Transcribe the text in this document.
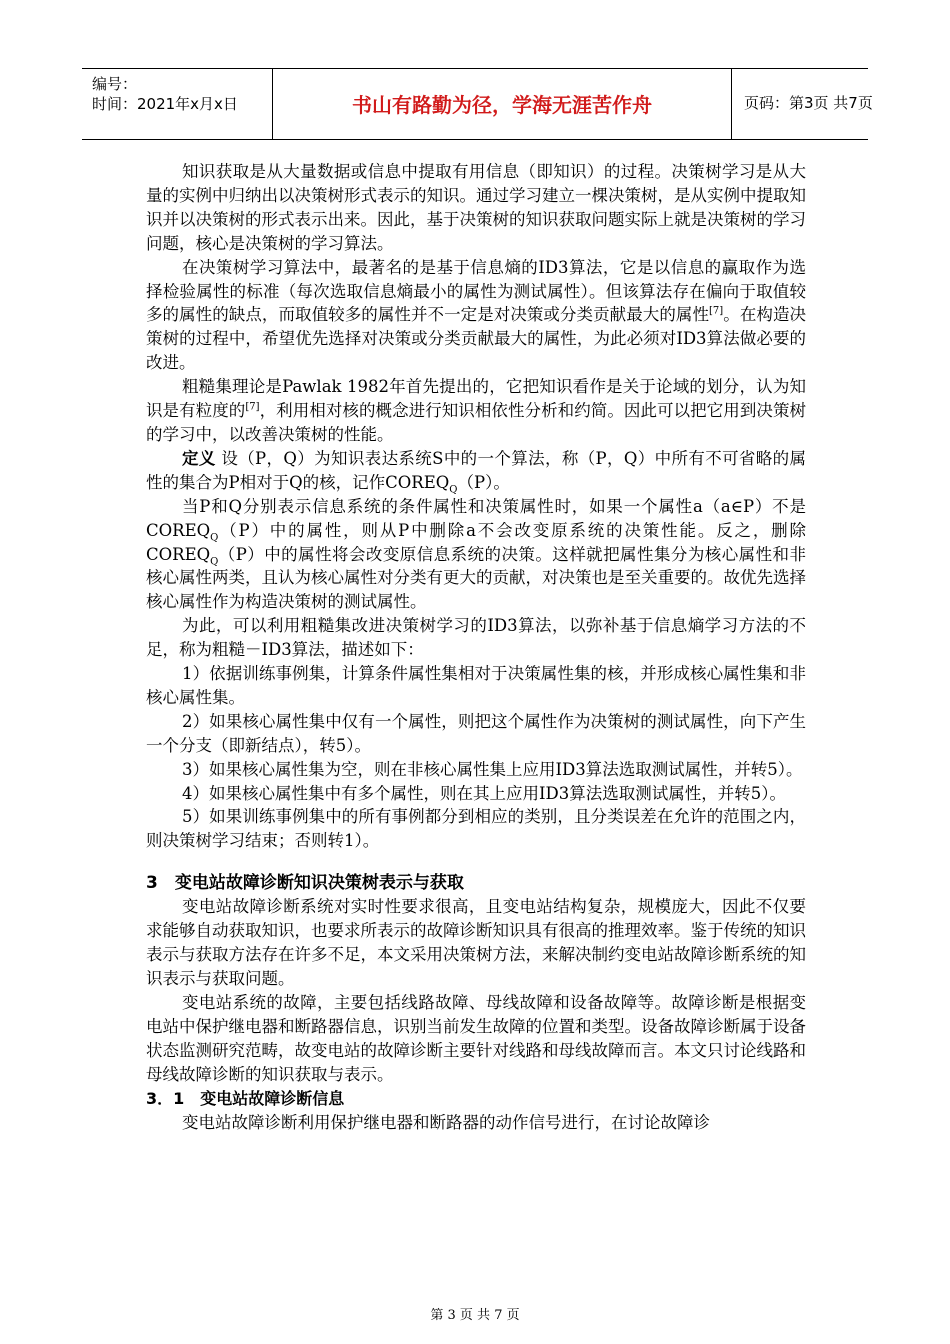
编号：
时间：2021年x月x日	书山有路勤为径，学海无涯苦作舟	页码：第3页 共7页

知识获取是从大量数据或信息中提取有用信息（即知识）的过程。决策树学习是从大量的实例中归纳出以决策树形式表示的知识。通过学习建立一棵决策树，是从实例中提取知识并以决策树的形式表示出来。因此，基于决策树的知识获取问题实际上就是决策树的学习问题，核心是决策树的学习算法。

在决策树学习算法中，最著名的是基于信息熵的ID3算法，它是以信息的赢取作为选择检验属性的标准（每次选取信息熵最小的属性为测试属性）。但该算法存在偏向于取值较多的属性的缺点，而取值较多的属性并不一定是对决策或分类贡献最大的属性[7]。在构造决策树的过程中，希望优先选择对决策或分类贡献最大的属性，为此必须对ID3算法做必要的改进。

粗糙集理论是Pawlak 1982年首先提出的，它把知识看作是关于论域的划分，认为知识是有粒度的[7]，利用相对核的概念进行知识相依性分析和约简。因此可以把它用到决策树的学习中，以改善决策树的性能。

定义 设（P，Q）为知识表达系统S中的一个算法，称（P，Q）中所有不可省略的属性的集合为P相对于Q的核，记作$COREQ_Q(P)$。

当P和Q分别表示信息系统的条件属性和决策属性时，如果一个属性a（a∈P）不是$COREQ_Q(P)$中的属性，则从P中删除a不会改变原系统的决策性能。反之，删除$COREQ_Q(P)$中的属性将会改变原信息系统的决策。这样就把属性集分为核心属性和非核心属性两类，且认为核心属性对分类有更大的贡献，对决策也是至关重要的。故优先选择核心属性作为构造决策树的测试属性。

为此，可以利用粗糙集改进决策树学习的ID3算法，以弥补基于信息熵学习方法的不足，称为粗糙－ID3算法，描述如下：

1）依据训练事例集，计算条件属性集相对于决策属性集的核，并形成核心属性集和非核心属性集。

2）如果核心属性集中仅有一个属性，则把这个属性作为决策树的测试属性，向下产生一个分支（即新结点），转5）。

3）如果核心属性集为空，则在非核心属性集上应用ID3算法选取测试属性，并转5）。

4）如果核心属性集中有多个属性，则在其上应用ID3算法选取测试属性，并转5）。

5）如果训练事例集中的所有事例都分到相应的类别，且分类误差在允许的范围之内，则决策树学习结束；否则转1）。

3　变电站故障诊断知识决策树表示与获取

变电站故障诊断系统对实时性要求很高，且变电站结构复杂，规模庞大，因此不仅要求能够自动获取知识，也要求所表示的故障诊断知识具有很高的推理效率。鉴于传统的知识表示与获取方法存在许多不足，本文采用决策树方法，来解决制约变电站故障诊断系统的知识表示与获取问题。

变电站系统的故障，主要包括线路故障、母线故障和设备故障等。故障诊断是根据变电站中保护继电器和断路器信息，识别当前发生故障的位置和类型。设备故障诊断属于设备状态监测研究范畴，故变电站的故障诊断主要针对线路和母线故障而言。本文只讨论线路和母线故障诊断的知识获取与表示。

3．1　变电站故障诊断信息

变电站故障诊断利用保护继电器和断路器的动作信号进行，在讨论故障诊

第 3 页 共 7 页
